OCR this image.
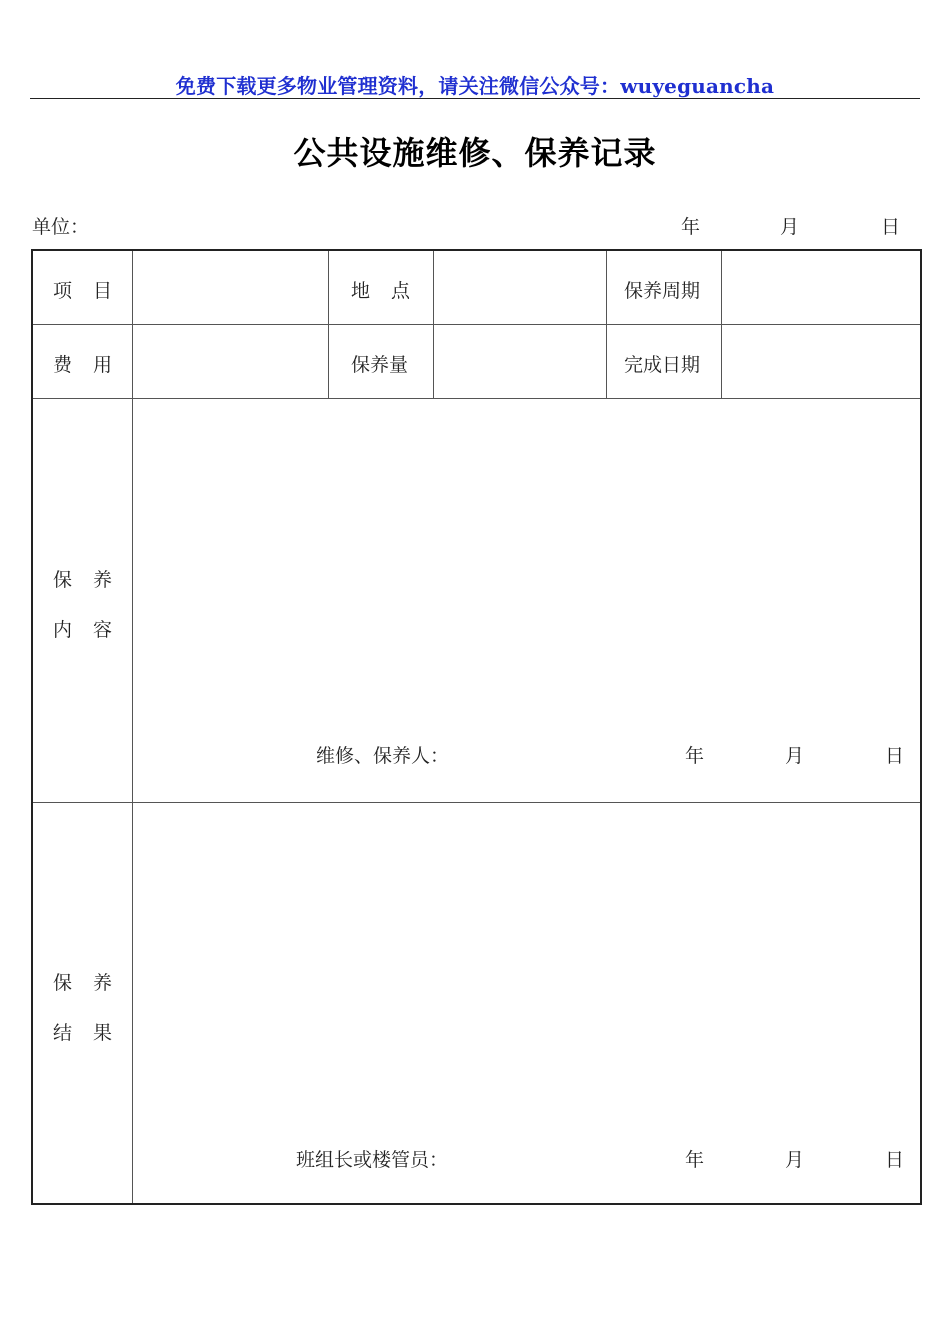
免费下载更多物业管理资料，请关注微信公众号：wuyeguancha
公共设施维修、保养记录
单位：	年	月	日
项 目	地 点	保养周期
费 用	保养量	完成日期
保 养
内 容
维修、保养人：	年	月	日
保 养
结 果
班组长或楼管员：	年	月	日
